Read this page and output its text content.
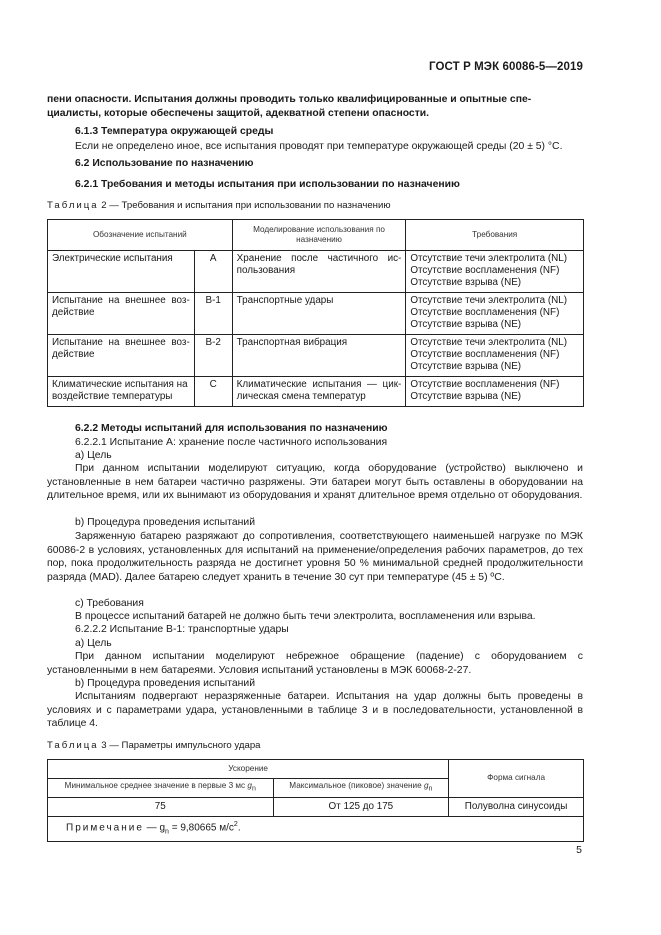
ГОСТ Р МЭК 60086-5—2019
пени опасности. Испытания должны проводить только квалифицированные и опытные спе-
циалисты, которые обеспечены защитой, адекватной степени опасности.
6.1.3 Температура окружающей среды
Если не определено иное, все испытания проводят при температуре окружающей среды (20 ± 5) °С.
6.2 Использование по назначению
6.2.1 Требования и методы испытания при использовании по назначению
Таблица 2 — Требования и испытания при использовании по назначению
Обозначение испытаний		Моделирование использования по назначению	Требования
Электрические испытания	A	Хранение после частичного ис-пользования	Отсутствие течи электролита (NL)
Отсутствие воспламенения (NF)
Отсутствие взрыва (NE)

Испытание на внешнее воз-действие	B-1	Транспортные удары	Отсутствие течи электролита (NL)
Отсутствие воспламенения (NF)
Отсутствие взрыва (NE)

Испытание на внешнее воз-действие	B-2	Транспортная вибрация	Отсутствие течи электролита (NL)
Отсутствие воспламенения (NF)
Отсутствие взрыва (NE)

Климатические испытания на воздействие температуры	C	Климатические испытания — цик-лическая смена температур	Отсутствие воспламенения (NF)
Отсутствие взрыва (NE)
6.2.2 Методы испытаний для использования по назначению
6.2.2.1 Испытание А: хранение после частичного использования
a) Цель
При данном испытании моделируют ситуацию, когда оборудование (устройство) выключено и установленные в нем батареи частично разряжены. Эти батареи могут быть оставлены в оборудовании на длительное время, или их вынимают из оборудования и хранят длительное время отдельно от оборудования.
b) Процедура проведения испытаний
Заряженную батарею разряжают до сопротивления, соответствующего наименьшей нагрузке по МЭК 60086-2 в условиях, установленных для испытаний на применение/определения рабочих параметров, до тех пор, пока продолжительность разряда не достигнет уровня 50 % минимальной средней продолжительности разряда (MAD). Далее батарею следует хранить в течение 30 сут при температуре (45 ± 5) ºС.
c) Требования
В процессе испытаний батарей не должно быть течи электролита, воспламенения или взрыва.
6.2.2.2 Испытание В-1: транспортные удары
a) Цель
При данном испытании моделируют небрежное обращение (падение) с оборудованием с установленными в нем батареями. Условия испытаний установлены в МЭК 60068-2-27.
b) Процедура проведения испытаний
Испытаниям подвергают неразряженные батареи. Испытания на удар должны быть проведены в условиях и с параметрами удара, установленными в таблице 3 и в последовательности, установленной в таблице 4.
Таблица 3 — Параметры импульсного удара
Ускорение		Форма сигнала
Минимальное среднее значение в первые 3 мс $g_n$	Максимальное (пиковое) значение $g_n$
75	От 125 до 175	Полуволна синусоиды
Примечание — $g_n = 9,80665$ $м/с^2$.		
5
